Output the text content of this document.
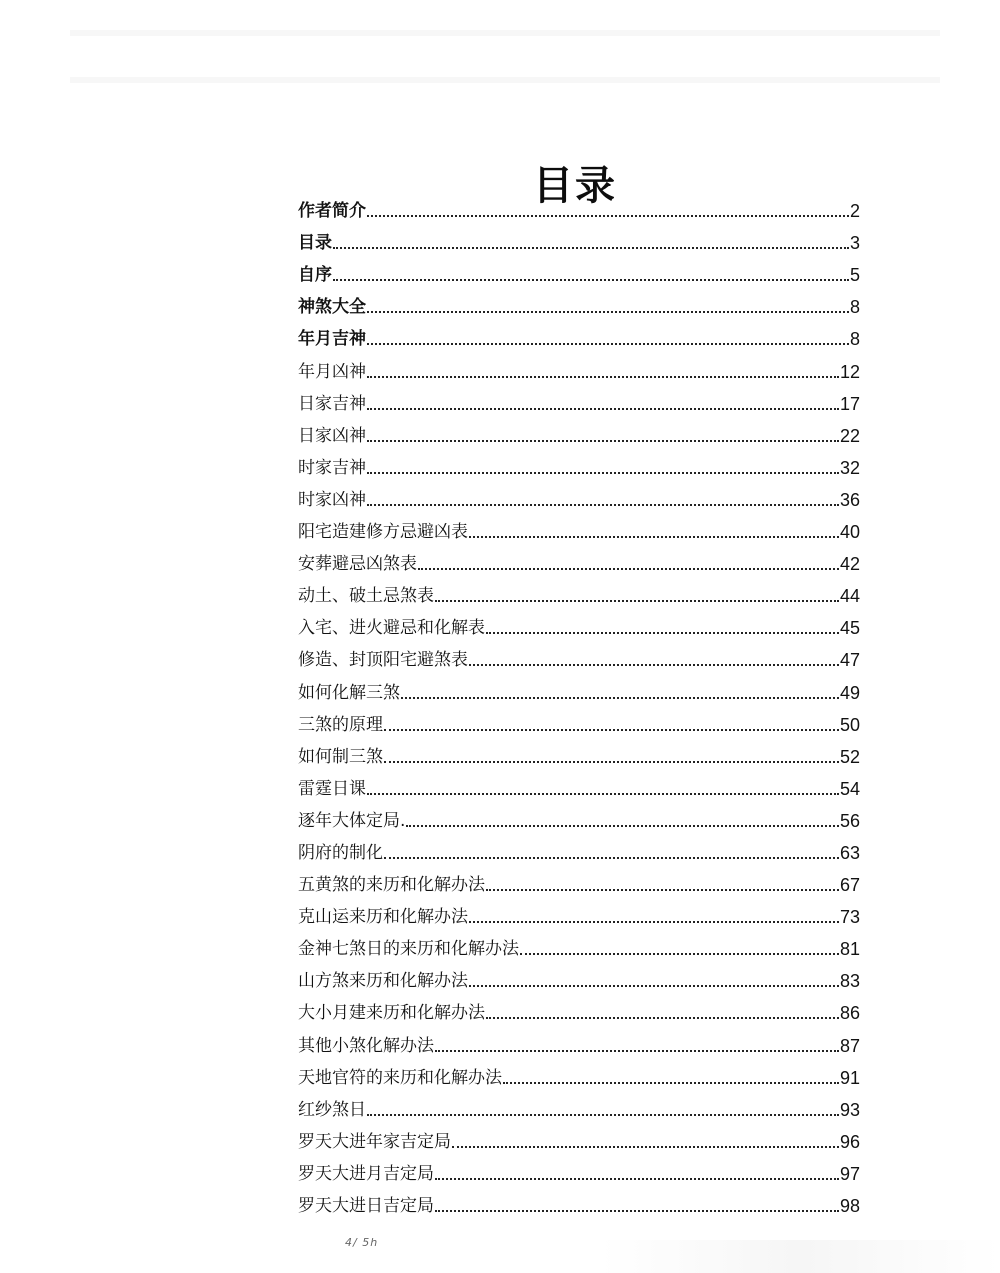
目录
作者简介	2
目录	3
自序	5
神煞大全	8
年月吉神	8
年月凶神	12
日家吉神	17
日家凶神	22
时家吉神	32
时家凶神	36
阳宅造建修方忌避凶表	40
安葬避忌凶煞表	42
动土、破土忌煞表	44
入宅、进火避忌和化解表	45
修造、封顶阳宅避煞表	47
如何化解三煞	49
三煞的原理	50
如何制三煞	52
雷霆日课	54
逐年大体定局.	56
阴府的制化	63
五黄煞的来历和化解办法	67
克山运来历和化解办法	73
金神七煞日的来历和化解办法	81
山方煞来历和化解办法	83
大小月建来历和化解办法	86
其他小煞化解办法	87
天地官符的来历和化解办法	91
红纱煞日	93
罗天大进年家吉定局	96
罗天大进月吉定局	97
罗天大进日吉定局	98
4/ 5h
